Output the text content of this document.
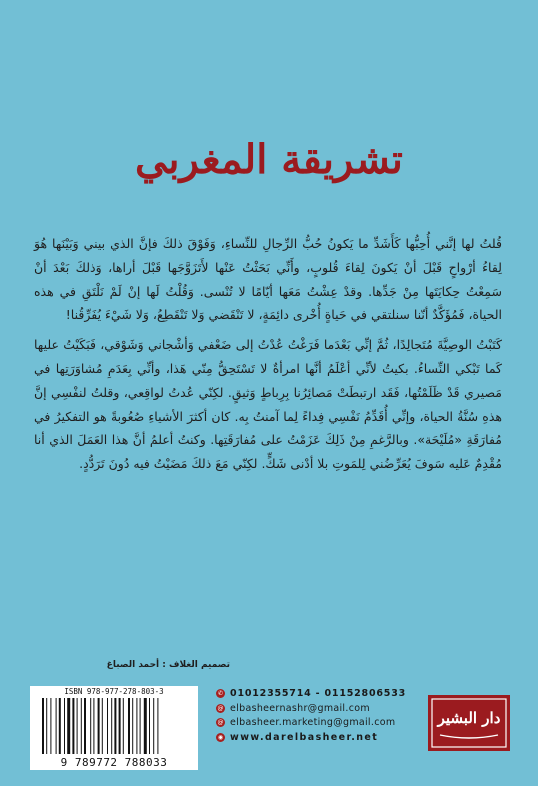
تشريقة المغربي

قُلتُ لها إنَّني أُحِبُّها كَأَشَدِّ ما يَكونُ حُبُّ الرِّجالِ للنِّساءِ، وَفَوْقَ ذلكَ فإنَّ الذي بيني وَبَيْنَها هُوَ لِقاءُ أرْواحٍ قَبْلَ أنْ يَكونَ لِقاءَ قُلوبٍ، وأَنِّي بَحَثْتُ عَنْها لأَتَزَوَّجَها قَبْلَ أراها، وَذلكَ بَعْدَ أنْ سَمِعْتُ حِكايَتَها مِنْ جَدِّها. وقدْ عِشْتُ مَعَها أيّامًا لا تُنْسى. وَقُلْتُ لَها إنْ لَمْ نَلْتَقِ في هذه الحياة، فَمُؤَكَّدٌ أنّنا سنلتقي في حَياةٍ أُخْرى دائِمَةٍ، لا تَنْقَضي وَلا تَنْقَطِعُ، وَلا شَيْءَ يُفَرِّقُنا!

كَتَبْتُ الوصِيَّةَ مُتَجالِدًا، ثُمَّ إنِّي بَعْدَما فَرَغْتُ عُدْتُ إلى ضَعْفي وَأشْجاني وَشَوْقي، فَبَكَيْتُ عليها كَما تَبْكي النِّساءُ. بكيتُ لأنِّي أعْلَمُ أنَّها امرأةٌ لا تَسْتَحِقُّ مِنّي هَذا، وأنِّي بِعَدَمِ مُشاوَرَتِها في مَصيري قَدْ ظَلَمْتُها، فَقَد ارتبطَتْ مَصائِرُنا بِرِباطٍ وَثيقٍ. لكِنّي عُدتُ لواقِعي، وقلتُ لنفْسِي إنَّ هذهِ سُنَّةُ الحياة، وإنِّي أُقَدِّمُ نَفْسِي فِداءً لِما آمنتُ بِه. كان أكثرَ الأشياءِ صُعُوبةً هو التفكيرُ في مُفارَقَةِ «مُلَيْحَة». وبالرَّغمِ مِنْ ذَلِكَ عَزَمْتُ على مُفارَقَتِها. وكنتُ أعلمُ أنَّ هذا العَمَلَ الذي أنا مُقْدِمٌ عَليه سَوفَ يُعَرِّضُني لِلمَوتِ بلا أدْنى شَكٍّ. لكِنّي مَعَ ذلكَ مَضَيْتُ فيه دُونَ تَرَدُّدٍ.

تصميم الغلاف : أحمد الصباغ
ISBN 978-977-278-803-3
9 789772 788033
✆ 01012355714 - 01152806533
@ elbasheernashr@gmail.com
@ elbasheer.marketing@gmail.com
◉ www.darelbasheer.net
دار البشير
